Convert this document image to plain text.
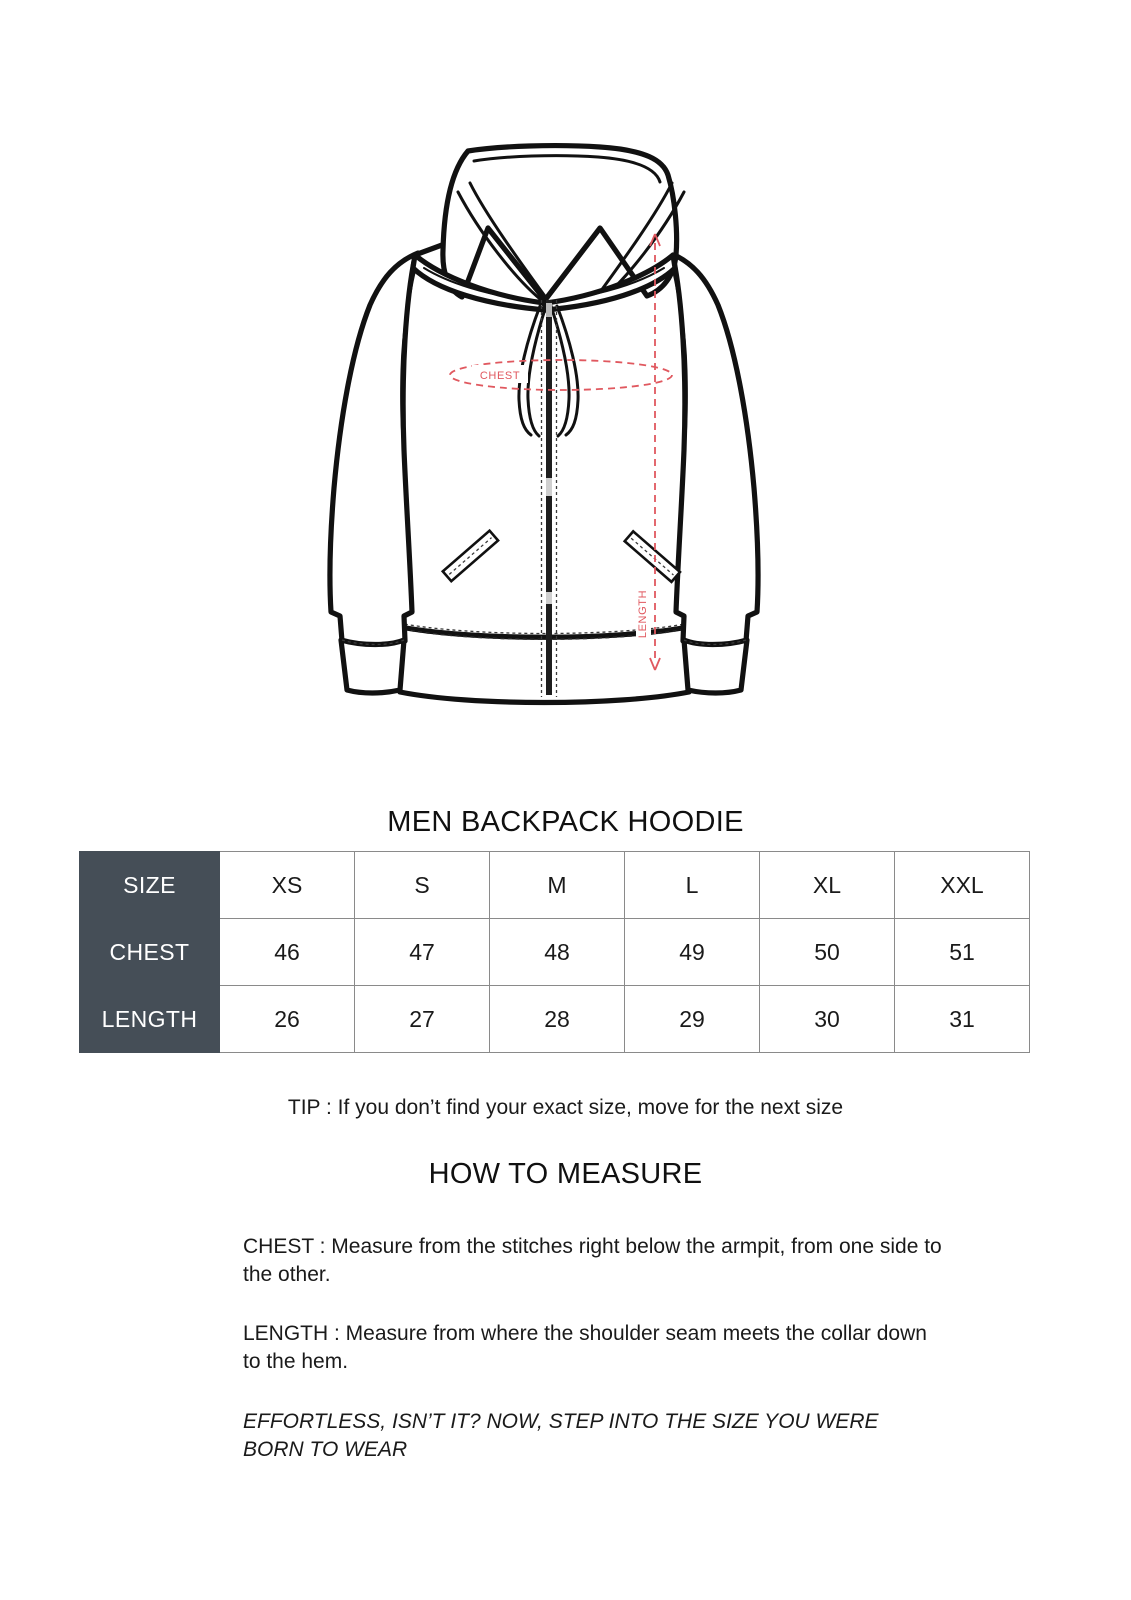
CHEST
LENGTH
MEN BACKPACK HOODIE
SIZE	XS	S	M	L	XL	XXL
CHEST	46	47	48	49	50	51
LENGTH	26	27	28	29	30	31
TIP : If you don’t find your exact size, move for the next size
HOW TO MEASURE

CHEST : Measure from the stitches right below the armpit, from one side to the other.

LENGTH : Measure from where the shoulder seam meets the collar down to the hem.

EFFORTLESS, ISN’T IT? NOW, STEP INTO THE SIZE YOU WERE BORN TO WEAR
